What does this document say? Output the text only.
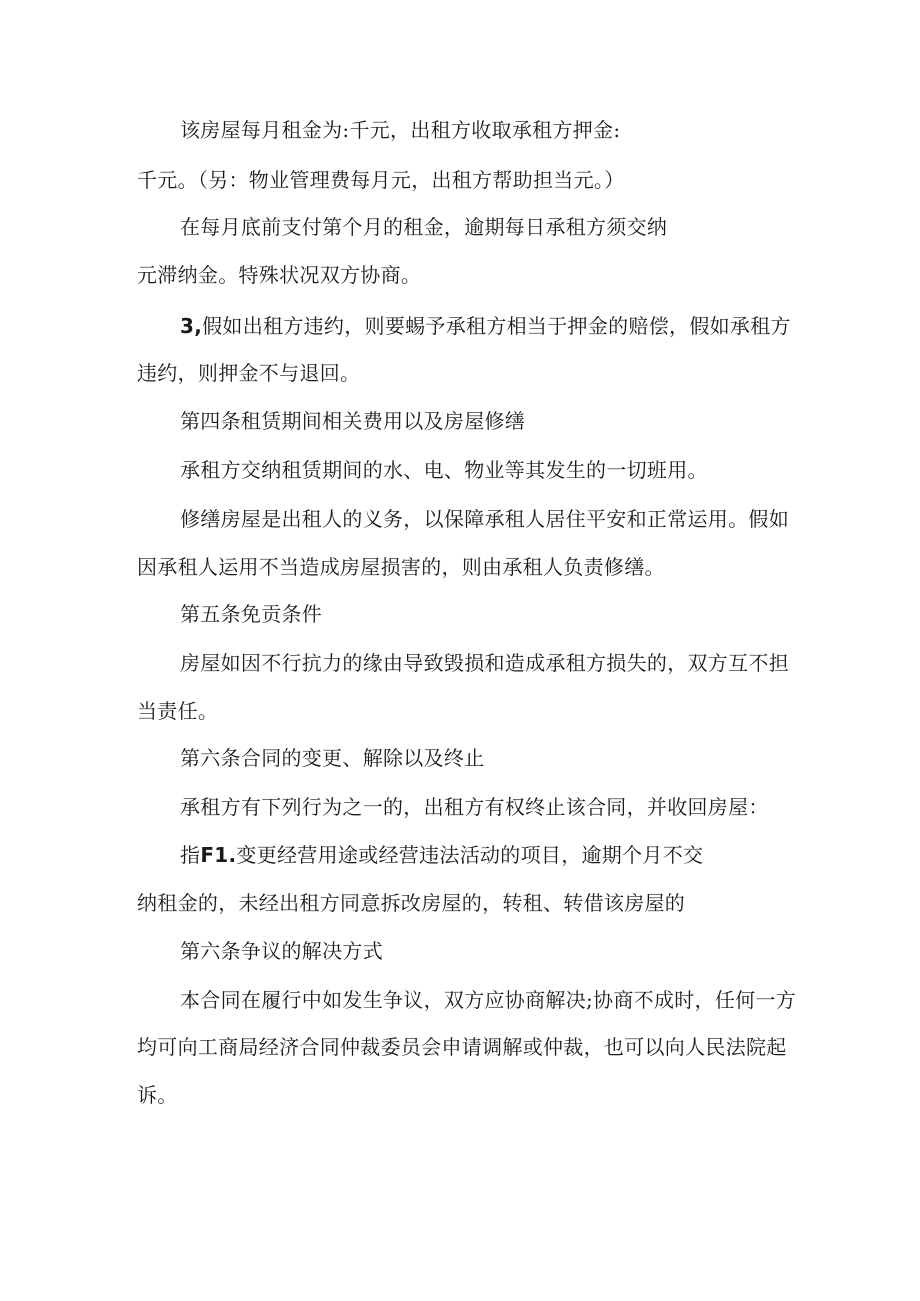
该房屋每月租金为:千元，出租方收取承租方押金:
千元。（另：物业管理费每月元，出租方帮助担当元。）
在每月底前支付第个月的租金，逾期每日承租方须交纳
元滞纳金。特殊状况双方协商。
3,假如出租方违约，则要蜴予承租方相当于押金的赔偿，假如承租方
违约，则押金不与退回。
第四条租赁期间相关费用以及房屋修缮
承租方交纳租赁期间的水、电、物业等其发生的一切班用。
修缮房屋是出租人的义务，以保障承租人居住平安和正常运用。假如
因承租人运用不当造成房屋损害的，则由承租人负责修缮。
第五条免贡条件
房屋如因不行抗力的缘由导致毁损和造成承租方损失的，双方互不担
当责任。
第六条合同的变更、解除以及终止
承租方有下列行为之一的，出租方有权终止该合同，并收回房屋：
指F1.变更经营用途或经营违法活动的项目，逾期个月不交
纳租金的，未经出租方同意拆改房屋的，转租、转借该房屋的
第六条争议的解决方式
本合同在履行中如发生争议，双方应协商解决;协商不成时，任何一方
均可向工商局经济合同仲裁委员会申请调解或仲裁，也可以向人民法院起
诉。
